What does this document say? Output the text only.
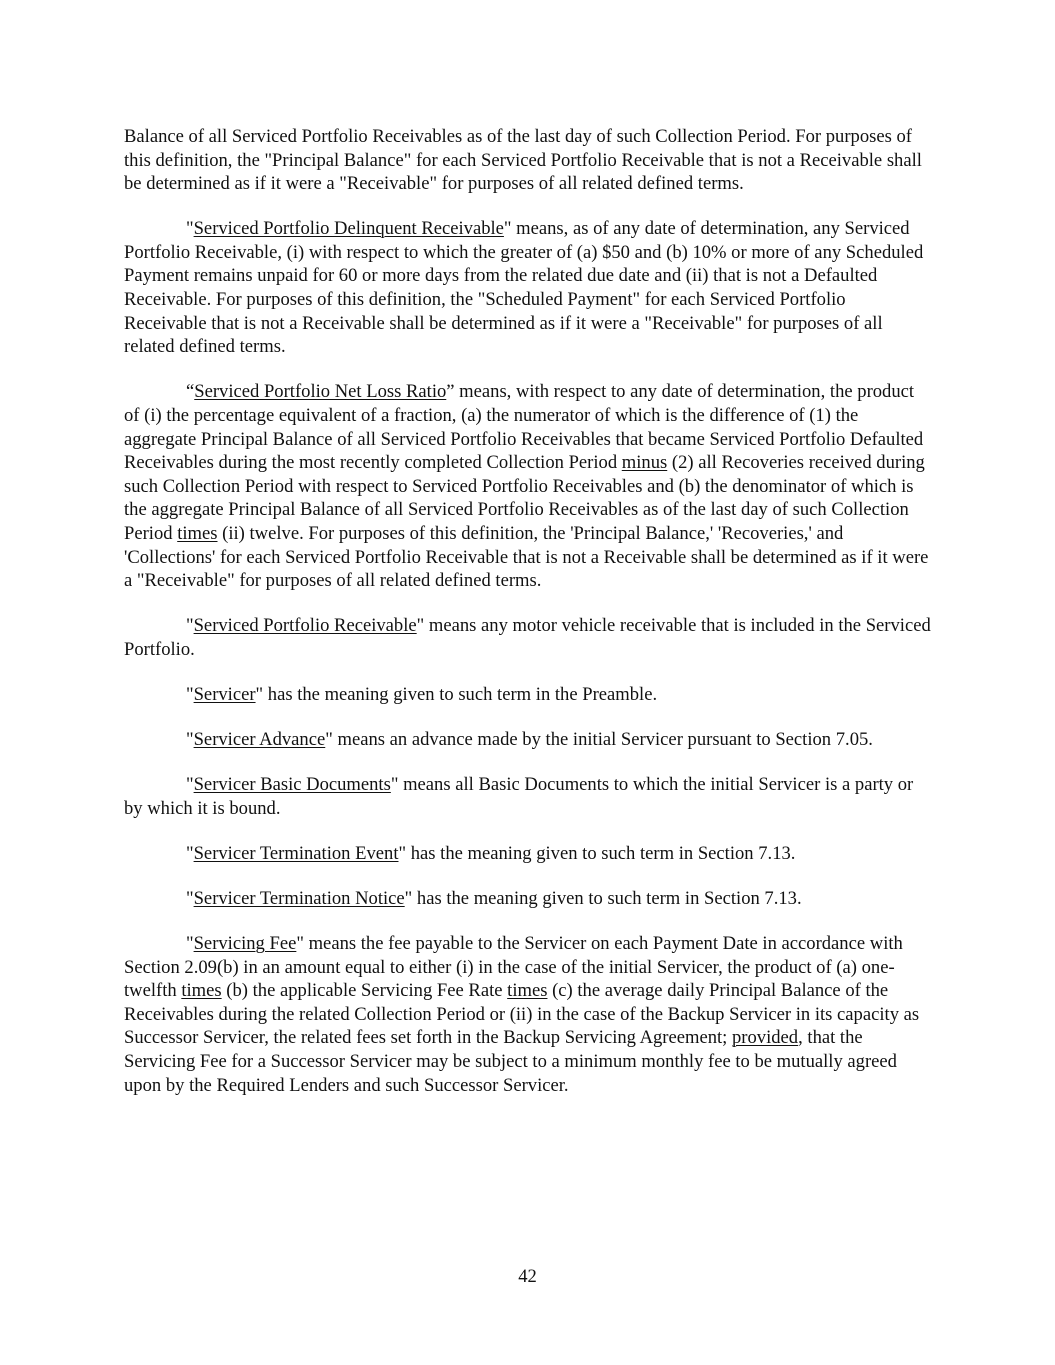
Balance of all Serviced Portfolio Receivables as of the last day of such Collection Period. For purposes of this definition, the "Principal Balance" for each Serviced Portfolio Receivable that is not a Receivable shall be determined as if it were a "Receivable" for purposes of all related defined terms.

"Serviced Portfolio Delinquent Receivable" means, as of any date of determination, any Serviced Portfolio Receivable, (i) with respect to which the greater of (a) $50 and (b) 10% or more of any Scheduled Payment remains unpaid for 60 or more days from the related due date and (ii) that is not a Defaulted Receivable. For purposes of this definition, the "Scheduled Payment" for each Serviced Portfolio Receivable that is not a Receivable shall be determined as if it were a "Receivable" for purposes of all related defined terms.

“Serviced Portfolio Net Loss Ratio” means, with respect to any date of determination, the product of (i) the percentage equivalent of a fraction, (a) the numerator of which is the difference of (1) the aggregate Principal Balance of all Serviced Portfolio Receivables that became Serviced Portfolio Defaulted Receivables during the most recently completed Collection Period minus (2) all Recoveries received during such Collection Period with respect to Serviced Portfolio Receivables and (b) the denominator of which is the aggregate Principal Balance of all Serviced Portfolio Receivables as of the last day of such Collection Period times (ii) twelve. For purposes of this definition, the 'Principal Balance,' 'Recoveries,' and 'Collections' for each Serviced Portfolio Receivable that is not a Receivable shall be determined as if it were a "Receivable" for purposes of all related defined terms.

"Serviced Portfolio Receivable" means any motor vehicle receivable that is included in the Serviced Portfolio.

"Servicer" has the meaning given to such term in the Preamble.

"Servicer Advance" means an advance made by the initial Servicer pursuant to Section 7.05.

"Servicer Basic Documents" means all Basic Documents to which the initial Servicer is a party or by which it is bound.

"Servicer Termination Event" has the meaning given to such term in Section 7.13.

"Servicer Termination Notice" has the meaning given to such term in Section 7.13.

"Servicing Fee" means the fee payable to the Servicer on each Payment Date in accordance with Section 2.09(b) in an amount equal to either (i) in the case of the initial Servicer, the product of (a) one-twelfth times (b) the applicable Servicing Fee Rate times (c) the average daily Principal Balance of the Receivables during the related Collection Period or (ii) in the case of the Backup Servicer in its capacity as Successor Servicer, the related fees set forth in the Backup Servicing Agreement; provided, that the Servicing Fee for a Successor Servicer may be subject to a minimum monthly fee to be mutually agreed upon by the Required Lenders and such Successor Servicer.

42
